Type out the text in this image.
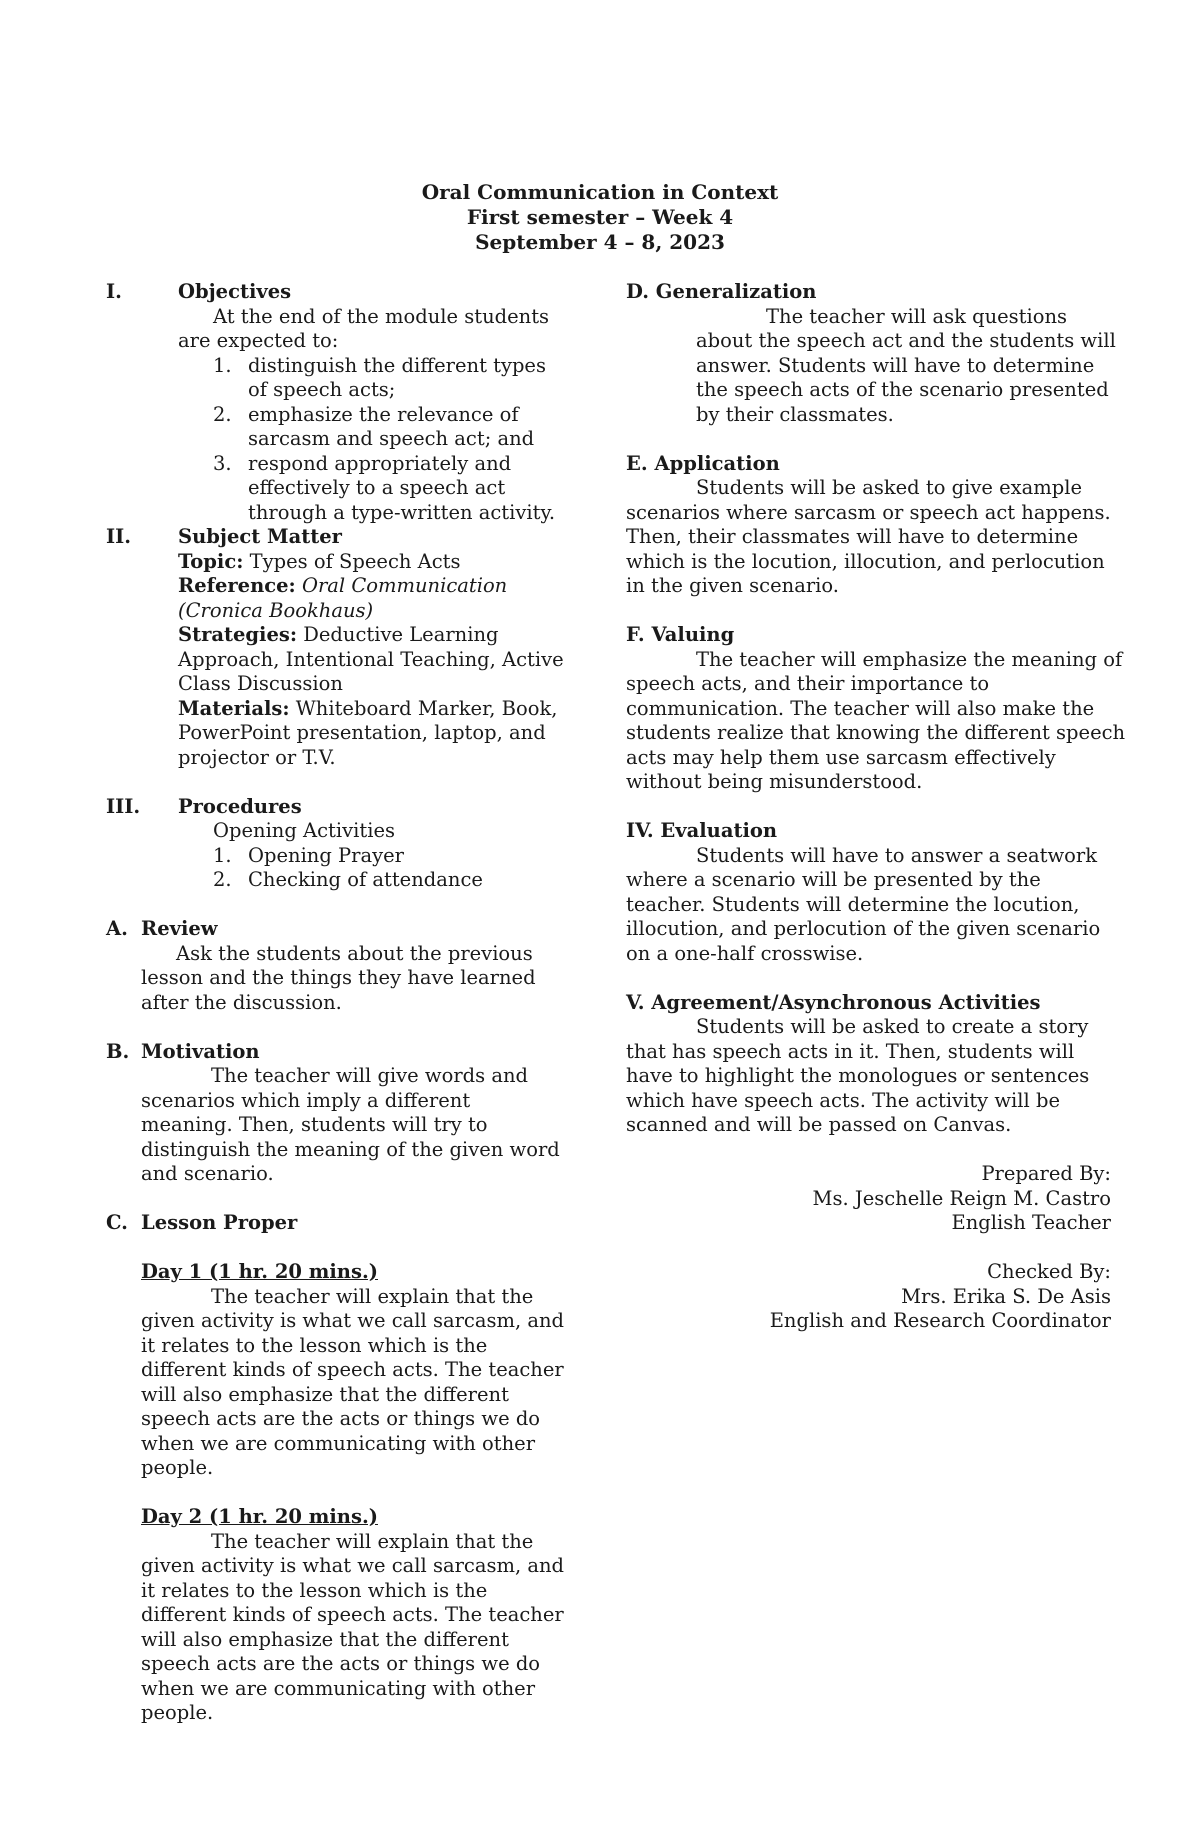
Oral Communication in Context
First semester – Week 4
September 4 – 8, 2023
I.	Objectives
At the end of the module students are expected to:
1. distinguish the different types of speech acts;
2. emphasize the relevance of sarcasm and speech act; and
3. respond appropriately and effectively to a speech act through a type-written activity.
II. Subject Matter
Topic: Types of Speech Acts
Reference: Oral Communication (Cronica Bookhaus)
Strategies: Deductive Learning Approach, Intentional Teaching, Active Class Discussion
Materials: Whiteboard Marker, Book, PowerPoint presentation, laptop, and projector or T.V.
III. Procedures
Opening Activities
1. Opening Prayer
2. Checking of attendance
A. Review
Ask the students about the previous lesson and the things they have learned after the discussion.
B. Motivation
The teacher will give words and scenarios which imply a different meaning. Then, students will try to distinguish the meaning of the given word and scenario.
C. Lesson Proper
Day 1 (1 hr. 20 mins.)
The teacher will explain that the given activity is what we call sarcasm, and it relates to the lesson which is the different kinds of speech acts. The teacher will also emphasize that the different speech acts are the acts or things we do when we are communicating with other people.
Day 2 (1 hr. 20 mins.)
The teacher will explain that the given activity is what we call sarcasm, and it relates to the lesson which is the different kinds of speech acts. The teacher will also emphasize that the different speech acts are the acts or things we do when we are communicating with other people.
D. Generalization
The teacher will ask questions about the speech act and the students will answer. Students will have to determine the speech acts of the scenario presented by their classmates.
E. Application
Students will be asked to give example scenarios where sarcasm or speech act happens. Then, their classmates will have to determine which is the locution, illocution, and perlocution in the given scenario.
F. Valuing
The teacher will emphasize the meaning of speech acts, and their importance to communication. The teacher will also make the students realize that knowing the different speech acts may help them use sarcasm effectively without being misunderstood.
IV. Evaluation
Students will have to answer a seatwork where a scenario will be presented by the teacher. Students will determine the locution, illocution, and perlocution of the given scenario on a one-half crosswise.
V. Agreement/Asynchronous Activities
Students will be asked to create a story that has speech acts in it. Then, students will have to highlight the monologues or sentences which have speech acts. The activity will be scanned and will be passed on Canvas.
Prepared By:
Ms. Jeschelle Reign M. Castro
English Teacher
Checked By:
Mrs. Erika S. De Asis
English and Research Coordinator
